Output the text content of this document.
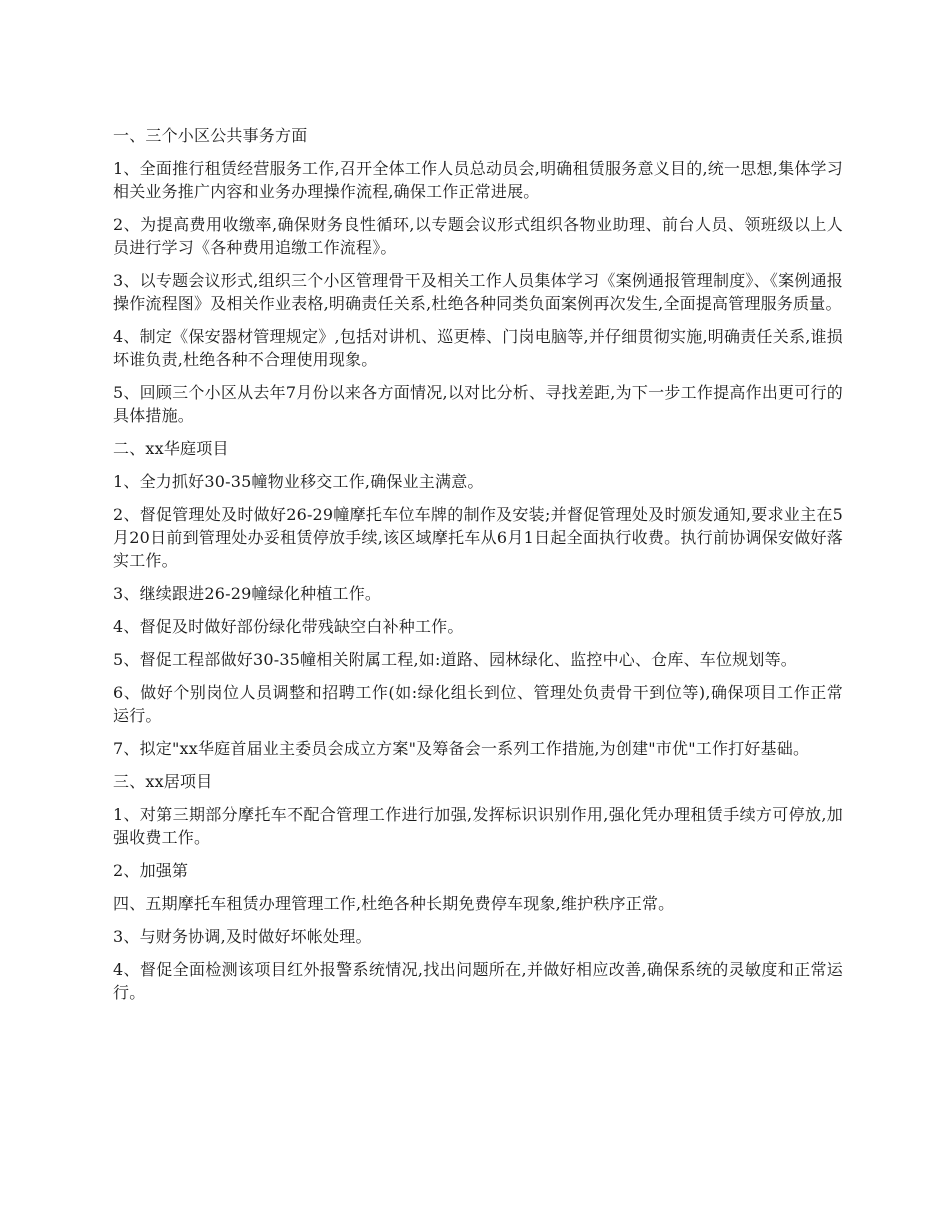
一、三个小区公共事务方面

1、全面推行租赁经营服务工作,召开全体工作人员总动员会,明确租赁服务意义目的,统一思想,集体学习相关业务推广内容和业务办理操作流程,确保工作正常进展。

2、为提高费用收缴率,确保财务良性循环,以专题会议形式组织各物业助理、前台人员、领班级以上人员进行学习《各种费用追缴工作流程》。

3、以专题会议形式,组织三个小区管理骨干及相关工作人员集体学习《案例通报管理制度》、《案例通报操作流程图》及相关作业表格,明确责任关系,杜绝各种同类负面案例再次发生,全面提高管理服务质量。

4、制定《保安器材管理规定》,包括对讲机、巡更棒、门岗电脑等,并仔细贯彻实施,明确责任关系,谁损坏谁负责,杜绝各种不合理使用现象。

5、回顾三个小区从去年7月份以来各方面情况,以对比分析、寻找差距,为下一步工作提高作出更可行的具体措施。

二、xx华庭项目

1、全力抓好30-35幢物业移交工作,确保业主满意。

2、督促管理处及时做好26-29幢摩托车位车牌的制作及安装;并督促管理处及时颁发通知,要求业主在5月20日前到管理处办妥租赁停放手续,该区域摩托车从6月1日起全面执行收费。执行前协调保安做好落实工作。

3、继续跟进26-29幢绿化种植工作。

4、督促及时做好部份绿化带残缺空白补种工作。

5、督促工程部做好30-35幢相关附属工程,如:道路、园林绿化、监控中心、仓库、车位规划等。

6、做好个别岗位人员调整和招聘工作(如:绿化组长到位、管理处负责骨干到位等),确保项目工作正常运行。

7、拟定"xx华庭首届业主委员会成立方案"及筹备会一系列工作措施,为创建"市优"工作打好基础。

三、xx居项目

1、对第三期部分摩托车不配合管理工作进行加强,发挥标识识别作用,强化凭办理租赁手续方可停放,加强收费工作。

2、加强第

四、五期摩托车租赁办理管理工作,杜绝各种长期免费停车现象,维护秩序正常。

3、与财务协调,及时做好坏帐处理。

4、督促全面检测该项目红外报警系统情况,找出问题所在,并做好相应改善,确保系统的灵敏度和正常运行。
